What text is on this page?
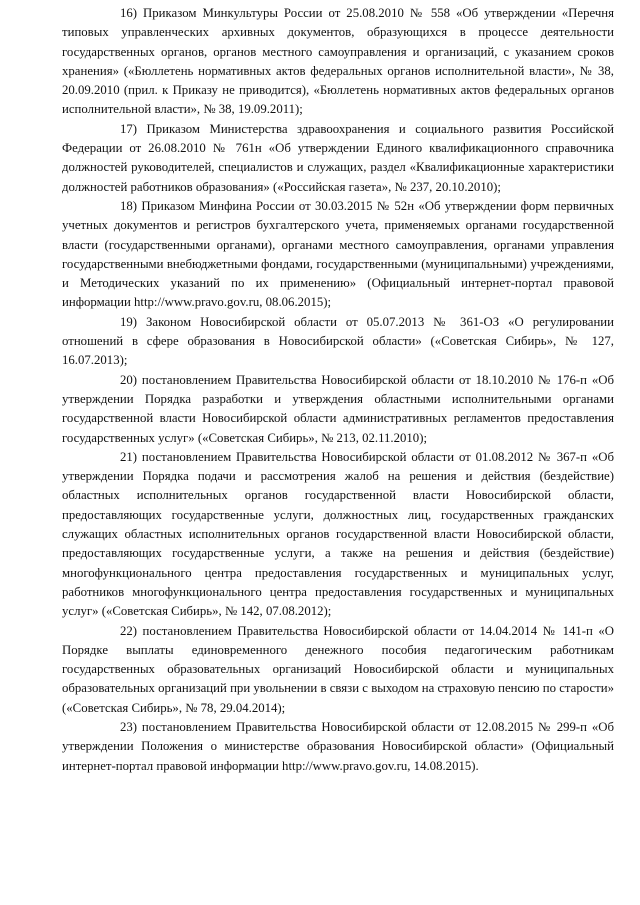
16) Приказом Минкультуры России от 25.08.2010 № 558 «Об утверждении «Перечня типовых управленческих архивных документов, образующихся в процессе деятельности государственных органов, органов местного самоуправления и организаций, с указанием сроков хранения» («Бюллетень нормативных актов федеральных органов исполнительной власти», № 38, 20.09.2010 (прил. к Приказу не приводится), «Бюллетень нормативных актов федеральных органов исполнительной власти», № 38, 19.09.2011);

17) Приказом Министерства здравоохранения и социального развития Российской Федерации от 26.08.2010 № 761н «Об утверждении Единого квалификационного справочника должностей руководителей, специалистов и служащих, раздел «Квалификационные характеристики должностей работников образования» («Российская газета», № 237, 20.10.2010);

18) Приказом Минфина России от 30.03.2015 № 52н «Об утверждении форм первичных учетных документов и регистров бухгалтерского учета, применяемых органами государственной власти (государственными органами), органами местного самоуправления, органами управления государственными внебюджетными фондами, государственными (муниципальными) учреждениями, и Методических указаний по их применению» (Официальный интернет-портал правовой информации http://www.pravo.gov.ru, 08.06.2015);

19) Законом Новосибирской области от 05.07.2013 № 361-ОЗ «О регулировании отношений в сфере образования в Новосибирской области» («Советская Сибирь», № 127, 16.07.2013);

20) постановлением Правительства Новосибирской области от 18.10.2010 № 176-п «Об утверждении Порядка разработки и утверждения областными исполнительными органами государственной власти Новосибирской области административных регламентов предоставления государственных услуг» («Советская Сибирь», № 213, 02.11.2010);

21) постановлением Правительства Новосибирской области от 01.08.2012 № 367-п «Об утверждении Порядка подачи и рассмотрения жалоб на решения и действия (бездействие) областных исполнительных органов государственной власти Новосибирской области, предоставляющих государственные услуги, должностных лиц, государственных гражданских служащих областных исполнительных органов государственной власти Новосибирской области, предоставляющих государственные услуги, а также на решения и действия (бездействие) многофункционального центра предоставления государственных и муниципальных услуг, работников многофункционального центра предоставления государственных и муниципальных услуг» («Советская Сибирь», № 142, 07.08.2012);

22) постановлением Правительства Новосибирской области от 14.04.2014 № 141-п «О Порядке выплаты единовременного денежного пособия педагогическим работникам государственных образовательных организаций Новосибирской области и муниципальных образовательных организаций при увольнении в связи с выходом на страховую пенсию по старости» («Советская Сибирь», № 78, 29.04.2014);

23) постановлением Правительства Новосибирской области от 12.08.2015 № 299-п «Об утверждении Положения о министерстве образования Новосибирской области» (Официальный интернет-портал правовой информации http://www.pravo.gov.ru, 14.08.2015).
